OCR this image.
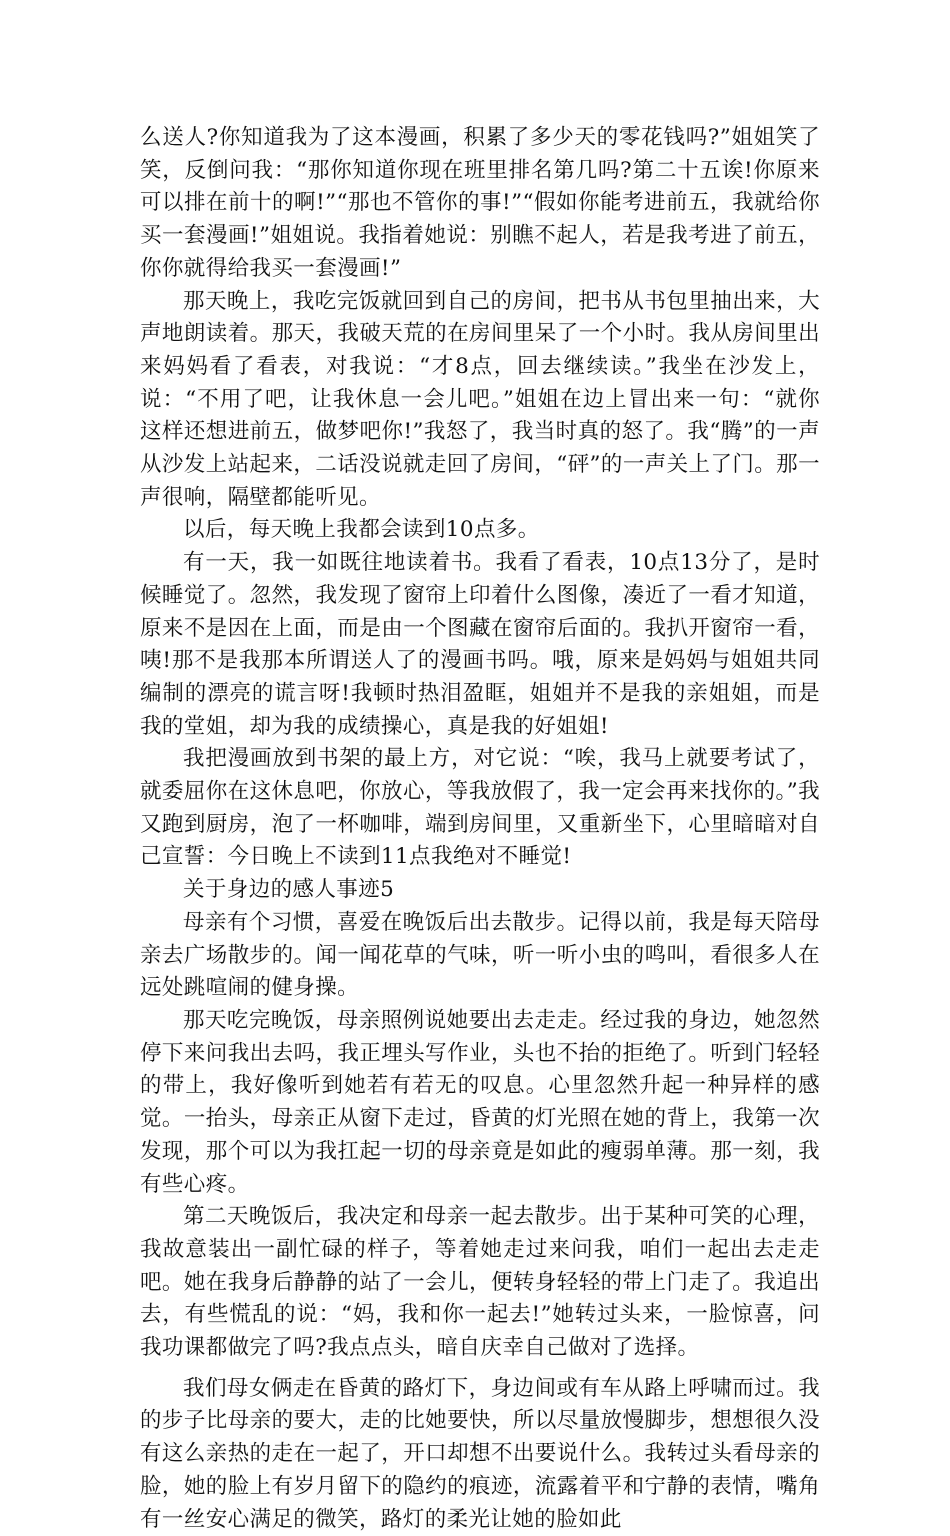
么送人?你知道我为了这本漫画，积累了多少天的零花钱吗?”姐姐笑了笑，反倒问我：“那你知道你现在班里排名第几吗?第二十五诶!你原来可以排在前十的啊!”“那也不管你的事!”“假如你能考进前五，我就给你买一套漫画!”姐姐说。我指着她说：别瞧不起人，若是我考进了前五，你你就得给我买一套漫画!”

那天晚上，我吃完饭就回到自己的房间，把书从书包里抽出来，大声地朗读着。那天，我破天荒的在房间里呆了一个小时。我从房间里出来妈妈看了看表，对我说：“才8点，回去继续读。”我坐在沙发上，说：“不用了吧，让我休息一会儿吧。”姐姐在边上冒出来一句：“就你这样还想进前五，做梦吧你!”我怒了，我当时真的怒了。我“腾”的一声从沙发上站起来，二话没说就走回了房间，“砰”的一声关上了门。那一声很响，隔壁都能听见。

以后，每天晚上我都会读到10点多。

有一天，我一如既往地读着书。我看了看表，10点13分了，是时候睡觉了。忽然，我发现了窗帘上印着什么图像，凑近了一看才知道，原来不是因在上面，而是由一个图藏在窗帘后面的。我扒开窗帘一看，咦!那不是我那本所谓送人了的漫画书吗。哦，原来是妈妈与姐姐共同编制的漂亮的谎言呀!我顿时热泪盈眶，姐姐并不是我的亲姐姐，而是我的堂姐，却为我的成绩操心，真是我的好姐姐!

我把漫画放到书架的最上方，对它说：“唉，我马上就要考试了，就委屈你在这休息吧，你放心，等我放假了，我一定会再来找你的。”我又跑到厨房，泡了一杯咖啡，端到房间里，又重新坐下，心里暗暗对自己宣誓：今日晚上不读到11点我绝对不睡觉!

关于身边的感人事迹5

母亲有个习惯，喜爱在晚饭后出去散步。记得以前，我是每天陪母亲去广场散步的。闻一闻花草的气味，听一听小虫的鸣叫，看很多人在远处跳喧闹的健身操。

那天吃完晚饭，母亲照例说她要出去走走。经过我的身边，她忽然停下来问我出去吗，我正埋头写作业，头也不抬的拒绝了。听到门轻轻的带上，我好像听到她若有若无的叹息。心里忽然升起一种异样的感觉。一抬头，母亲正从窗下走过，昏黄的灯光照在她的背上，我第一次发现，那个可以为我扛起一切的母亲竟是如此的瘦弱单薄。那一刻，我有些心疼。

第二天晚饭后，我决定和母亲一起去散步。出于某种可笑的心理，我故意装出一副忙碌的样子，等着她走过来问我，咱们一起出去走走吧。她在我身后静静的站了一会儿，便转身轻轻的带上门走了。我追出去，有些慌乱的说：“妈，我和你一起去!”她转过头来，一脸惊喜，问我功课都做完了吗?我点点头，暗自庆幸自己做对了选择。

我们母女俩走在昏黄的路灯下，身边间或有车从路上呼啸而过。我的步子比母亲的要大，走的比她要快，所以尽量放慢脚步，想想很久没有这么亲热的走在一起了，开口却想不出要说什么。我转过头看母亲的脸，她的脸上有岁月留下的隐约的痕迹，流露着平和宁静的表情，嘴角有一丝安心满足的微笑，路灯的柔光让她的脸如此
